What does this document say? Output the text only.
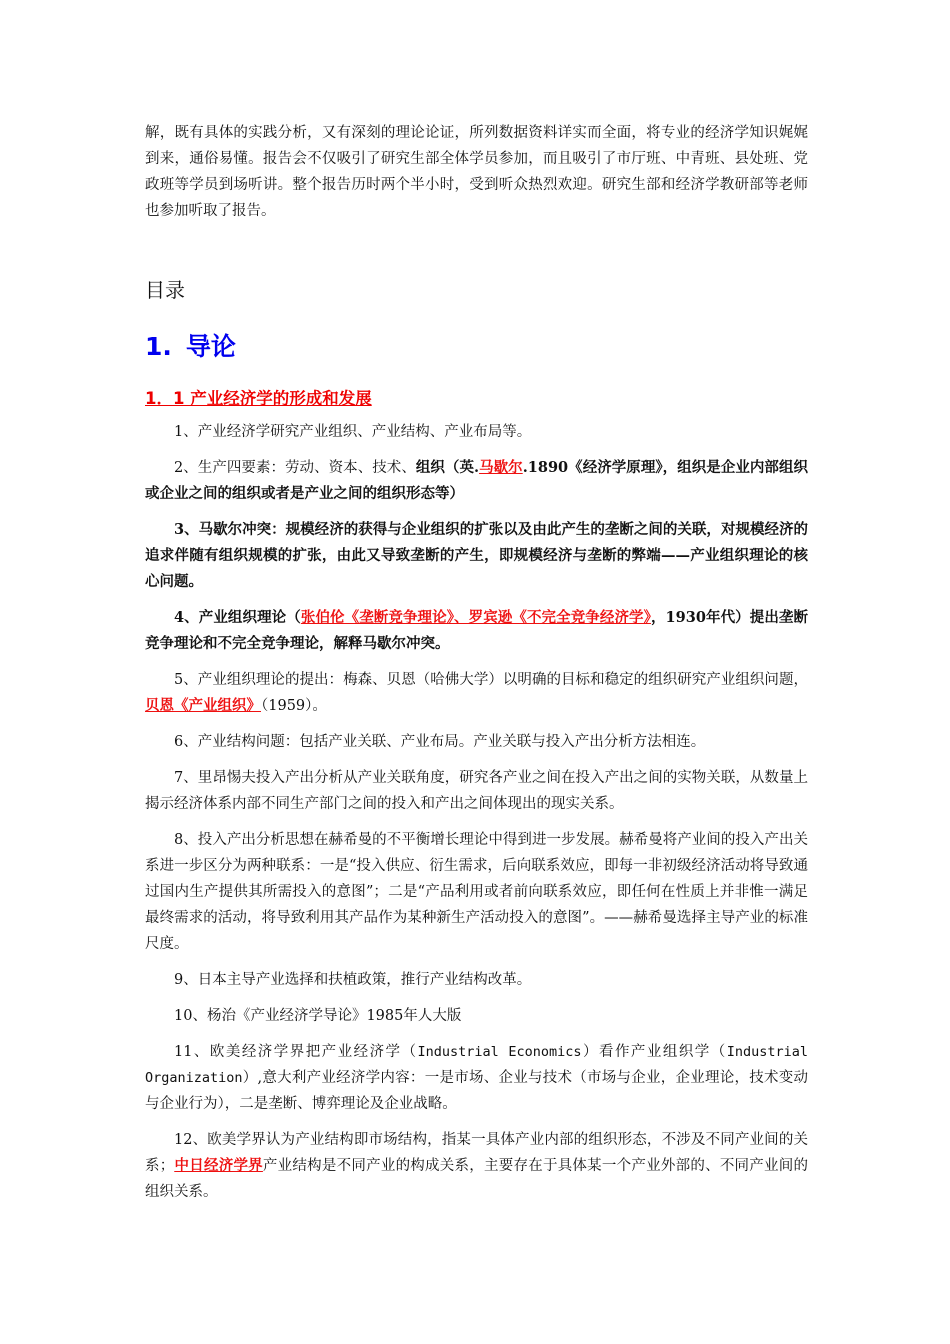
解，既有具体的实践分析，又有深刻的理论论证，所列数据资料详实而全面，将专业的经济学知识娓娓到来，通俗易懂。报告会不仅吸引了研究生部全体学员参加，而且吸引了市厅班、中青班、县处班、党政班等学员到场听讲。整个报告历时两个半小时，受到听众热烈欢迎。研究生部和经济学教研部等老师也参加听取了报告。

目录
1. 导论
1．1 产业经济学的形成和发展

1、产业经济学研究产业组织、产业结构、产业布局等。

2、生产四要素：劳动、资本、技术、组织（英.马歇尔.1890《经济学原理》，组织是企业内部组织或企业之间的组织或者是产业之间的组织形态等）

3、马歇尔冲突：规模经济的获得与企业组织的扩张以及由此产生的垄断之间的关联，对规模经济的追求伴随有组织规模的扩张，由此又导致垄断的产生，即规模经济与垄断的弊端——产业组织理论的核心问题。

4、产业组织理论（张伯伦《垄断竞争理论》、罗宾逊《不完全竞争经济学》，1930年代）提出垄断竞争理论和不完全竞争理论，解释马歇尔冲突。

5、产业组织理论的提出：梅森、贝恩（哈佛大学）以明确的目标和稳定的组织研究产业组织问题，贝恩《产业组织》（1959）。

6、产业结构问题：包括产业关联、产业布局。产业关联与投入产出分析方法相连。

7、里昂惕夫投入产出分析从产业关联角度，研究各产业之间在投入产出之间的实物关联，从数量上揭示经济体系内部不同生产部门之间的投入和产出之间体现出的现实关系。

8、投入产出分析思想在赫希曼的不平衡增长理论中得到进一步发展。赫希曼将产业间的投入产出关系进一步区分为两种联系：一是“投入供应、衍生需求，后向联系效应，即每一非初级经济活动将导致通过国内生产提供其所需投入的意图”；二是“产品利用或者前向联系效应，即任何在性质上并非惟一满足最终需求的活动，将导致利用其产品作为某种新生产活动投入的意图”。——赫希曼选择主导产业的标准尺度。

9、日本主导产业选择和扶植政策，推行产业结构改革。

10、杨治《产业经济学导论》1985年人大版

11、欧美经济学界把产业经济学（Industrial Economics）看作产业组织学（Industrial Organization）,意大利产业经济学内容：一是市场、企业与技术（市场与企业，企业理论，技术变动与企业行为），二是垄断、博弈理论及企业战略。

12、欧美学界认为产业结构即市场结构，指某一具体产业内部的组织形态，不涉及不同产业间的关系；中日经济学界产业结构是不同产业的构成关系，主要存在于具体某一个产业外部的、不同产业间的组织关系。
